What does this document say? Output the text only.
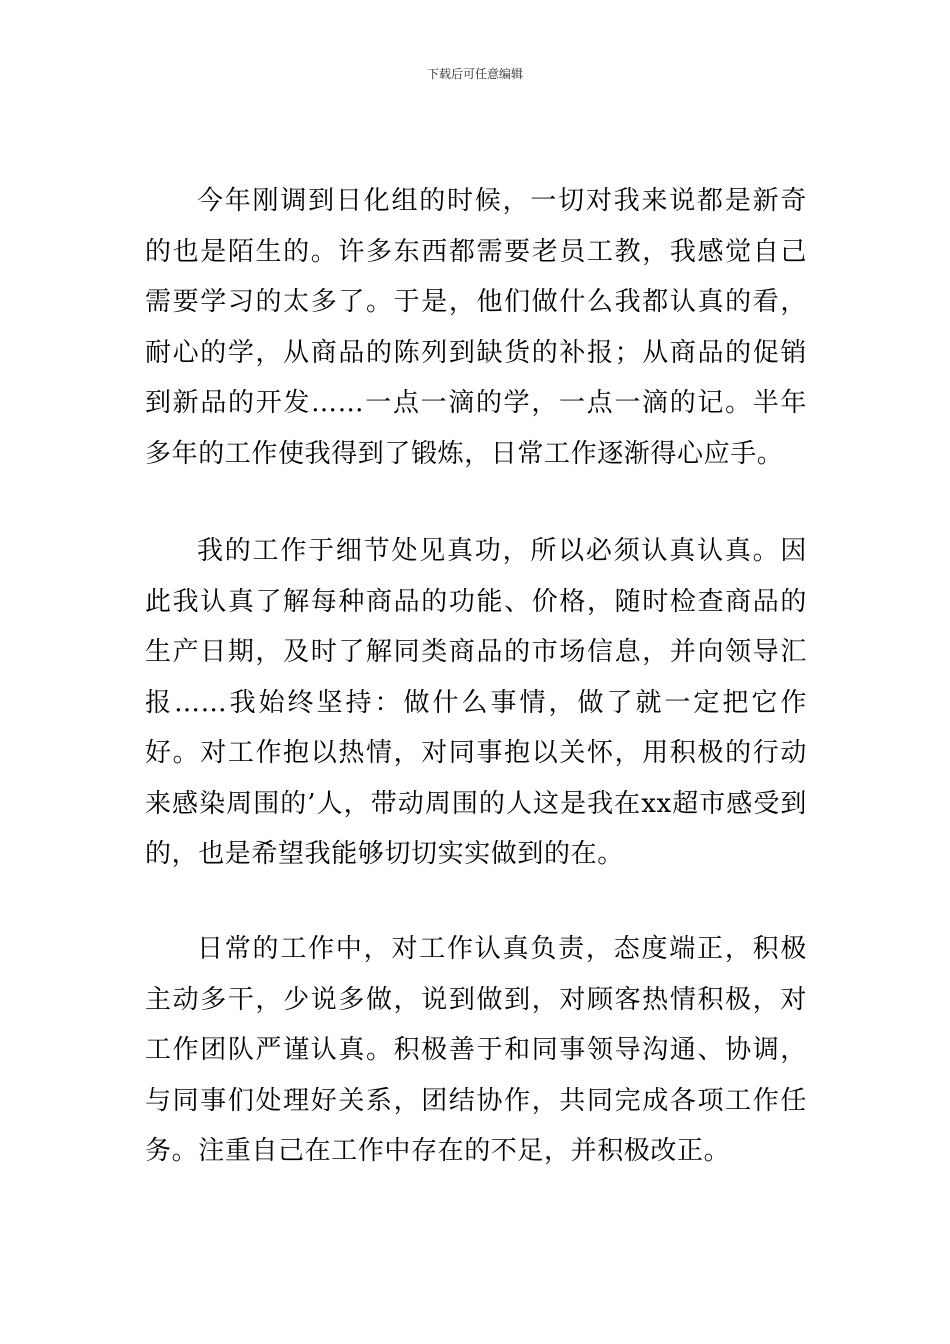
下载后可任意编辑

今年刚调到日化组的时候，一切对我来说都是新奇的也是陌生的。许多东西都需要老员工教，我感觉自己需要学习的太多了。于是，他们做什么我都认真的看，耐心的学，从商品的陈列到缺货的补报；从商品的促销到新品的开发……一点一滴的学，一点一滴的记。半年多年的工作使我得到了锻炼，日常工作逐渐得心应手。

我的工作于细节处见真功，所以必须认真认真。因此我认真了解每种商品的功能、价格，随时检查商品的生产日期，及时了解同类商品的市场信息，并向领导汇报……我始终坚持：做什么事情，做了就一定把它作好。对工作抱以热情，对同事抱以关怀，用积极的行动来感染周围的’人，带动周围的人这是我在xx超市感受到的，也是希望我能够切切实实做到的在。

日常的工作中，对工作认真负责，态度端正，积极主动多干，少说多做，说到做到，对顾客热情积极，对工作团队严谨认真。积极善于和同事领导沟通、协调，与同事们处理好关系，团结协作，共同完成各项工作任务。注重自己在工作中存在的不足，并积极改正。
